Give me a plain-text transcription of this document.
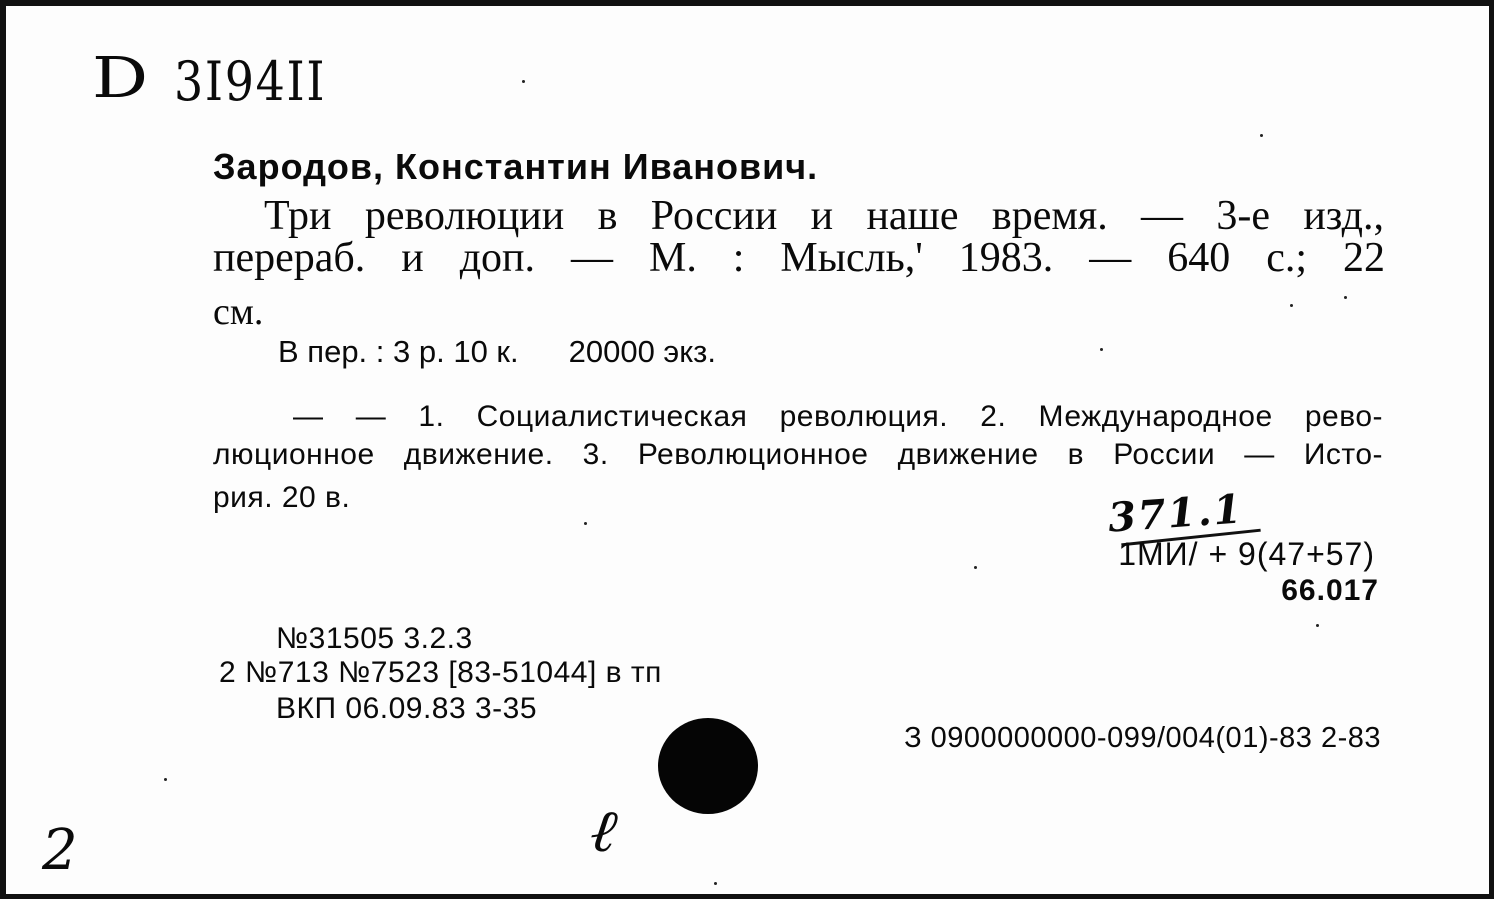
D 3I94II
Зародов, Константин Иванович.
Три революции в России и наше время. — 3-е изд.,
перераб. и доп. — М. : Мысль,' 1983. — 640 с.; 22
см.
В пер. : 3 р. 10 к. 20000 экз.
— — 1. Социалистическая революция. 2. Международное рево-
люционное движение. 3. Революционное движение в России — Исто-
рия. 20 в.	371.1
1МИ/ + 9(47+57)
66.017
№31505 3.2.3
2 №713 №7523 [83-51044] в тп
ВКП 06.09.83 3-35
З 0900000000-099/004(01)-83 2-83
2	ℓ
